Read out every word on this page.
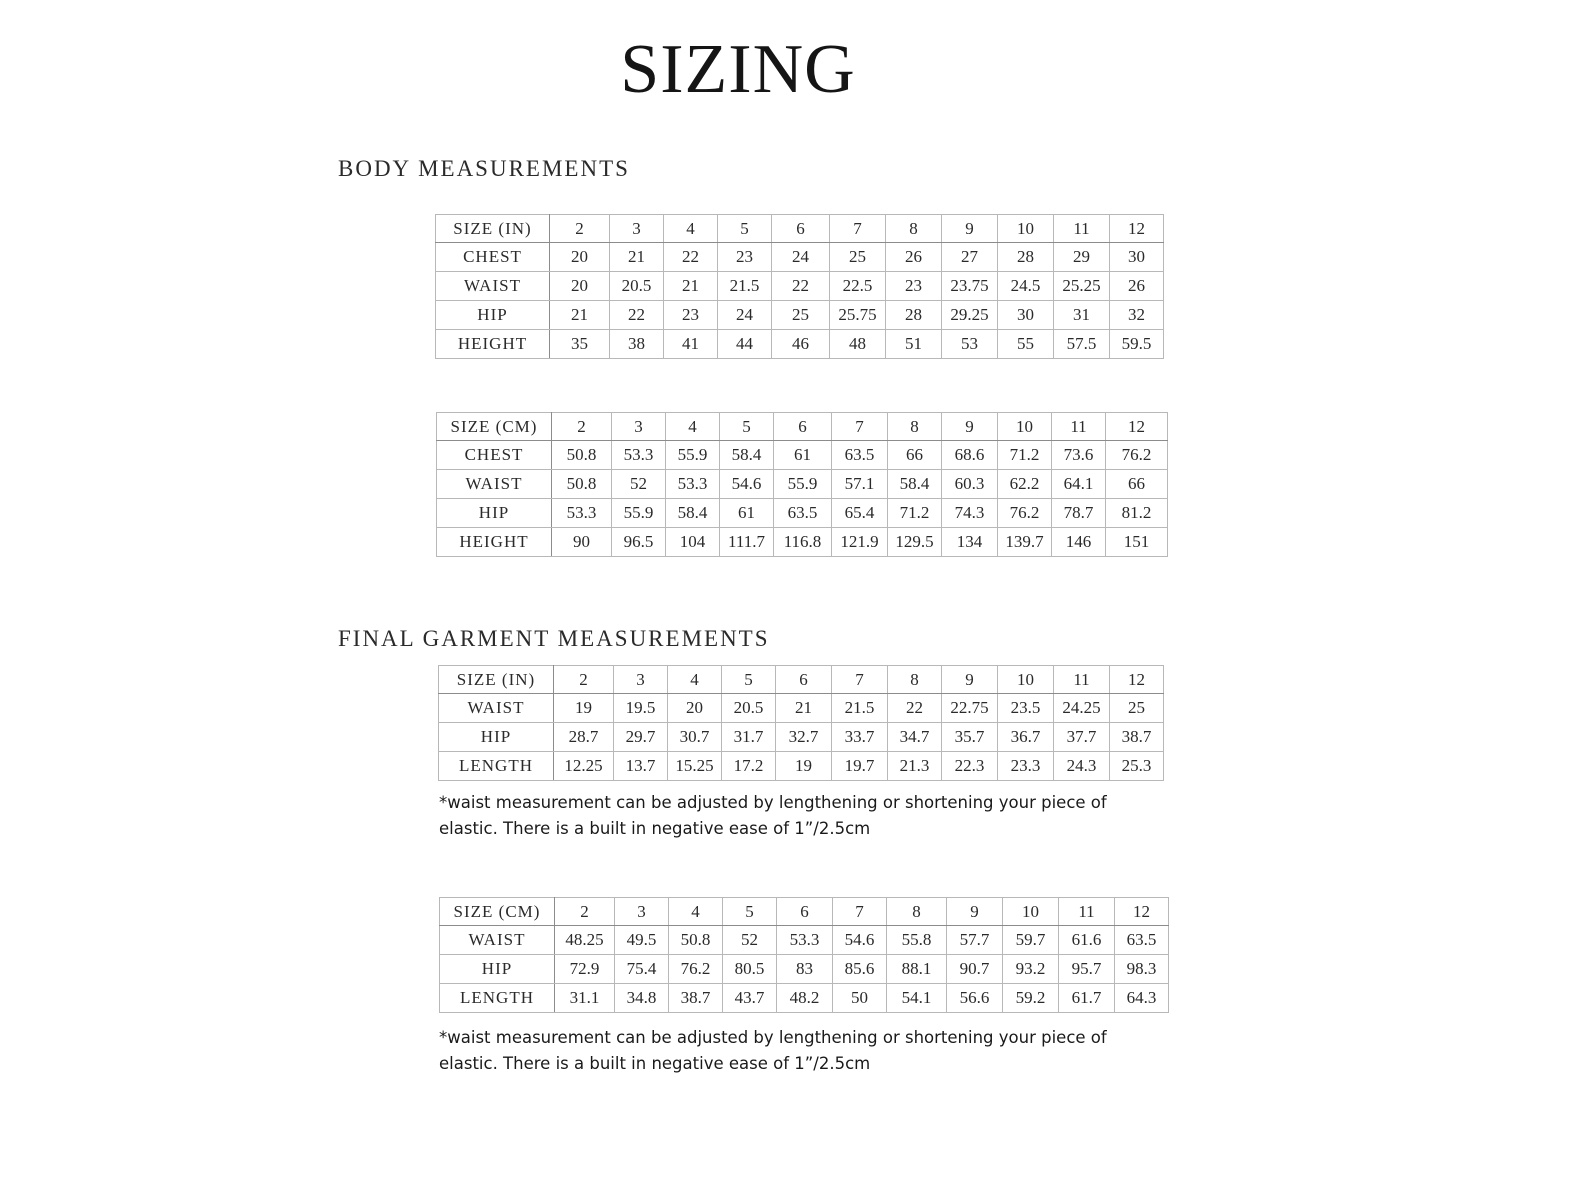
SIZING
BODY MEASUREMENTS
SIZE (IN)	2	3	4	5	6	7	8	9	10	11	12
CHEST	20	21	22	23	24	25	26	27	28	29	30
WAIST	20	20.5	21	21.5	22	22.5	23	23.75	24.5	25.25	26
HIP	21	22	23	24	25	25.75	28	29.25	30	31	32
HEIGHT	35	38	41	44	46	48	51	53	55	57.5	59.5
SIZE (CM)	2	3	4	5	6	7	8	9	10	11	12
CHEST	50.8	53.3	55.9	58.4	61	63.5	66	68.6	71.2	73.6	76.2
WAIST	50.8	52	53.3	54.6	55.9	57.1	58.4	60.3	62.2	64.1	66
HIP	53.3	55.9	58.4	61	63.5	65.4	71.2	74.3	76.2	78.7	81.2
HEIGHT	90	96.5	104	111.7	116.8	121.9	129.5	134	139.7	146	151
FINAL GARMENT MEASUREMENTS
SIZE (IN)	2	3	4	5	6	7	8	9	10	11	12
WAIST	19	19.5	20	20.5	21	21.5	22	22.75	23.5	24.25	25
HIP	28.7	29.7	30.7	31.7	32.7	33.7	34.7	35.7	36.7	37.7	38.7
LENGTH	12.25	13.7	15.25	17.2	19	19.7	21.3	22.3	23.3	24.3	25.3

*waist measurement can be adjusted by lengthening or shortening your piece of elastic. There is a built in negative ease of 1”/2.5cm

SIZE (CM)	2	3	4	5	6	7	8	9	10	11	12
WAIST	48.25	49.5	50.8	52	53.3	54.6	55.8	57.7	59.7	61.6	63.5
HIP	72.9	75.4	76.2	80.5	83	85.6	88.1	90.7	93.2	95.7	98.3
LENGTH	31.1	34.8	38.7	43.7	48.2	50	54.1	56.6	59.2	61.7	64.3

*waist measurement can be adjusted by lengthening or shortening your piece of elastic. There is a built in negative ease of 1”/2.5cm
